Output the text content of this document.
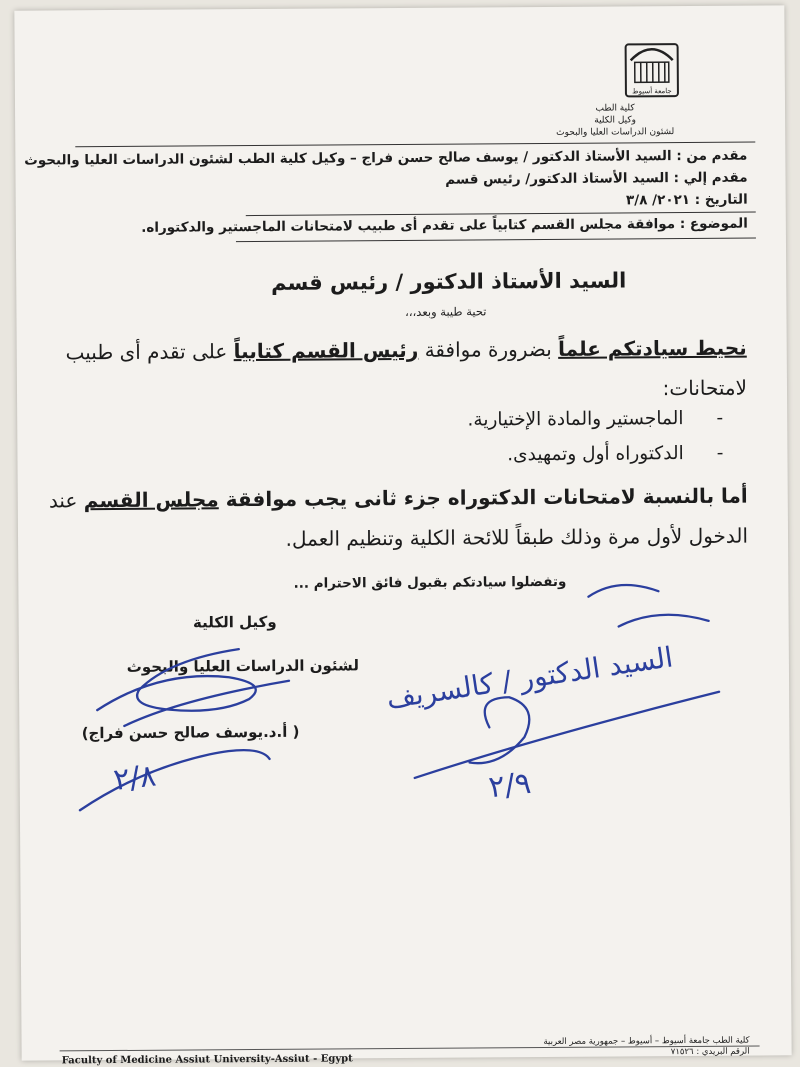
جامعة أسيوط
كلية الطب
وكيل الكلية
لشئون الدراسات العليا والبحوث
مقدم من : السيد الأستاذ الدكتور / يوسف صالح حسن فراج – وكيل كلية الطب لشئون الدراسات العليا والبحوث
مقدم إلي : السيد الأستاذ الدكتور/ رئيس قسم
التاريخ : ٢٠٢١/ ٣/٨
الموضوع : موافقة مجلس القسم كتابياً على تقدم أى طبيب لامتحانات الماجستير والدكتوراه.
السيد الأستاذ الدكتور / رئيس قسم
تحية طيبة وبعد،،،
نحيط سيادتكم علماً بضرورة موافقة رئيس القسم كتابياً على تقدم أى طبيب لامتحانات:
-  الماجستير والمادة الإختيارية.
-  الدكتوراه أول وتمهيدى.
أما بالنسبة لامتحانات الدكتوراه جزء ثانى يجب موافقة مجلس القسم عند الدخول لأول مرة وذلك طبقاً للائحة الكلية وتنظيم العمل.
وتفضلوا سيادتكم بقبول فائق الاحترام ...
وكيل الكلية
لشئون الدراسات العليا والبحوث
( أ.د.يوسف صالح حسن فراج)
السيد الدكتور / كالسريف
٢/٨	٢/٩
كلية الطب جامعة أسيوط – أسيوط – جمهورية مصر العربية
الرقم البريدي : ٧١٥٢٦
Faculty of Medicine Assiut University-Assiut - Egypt
